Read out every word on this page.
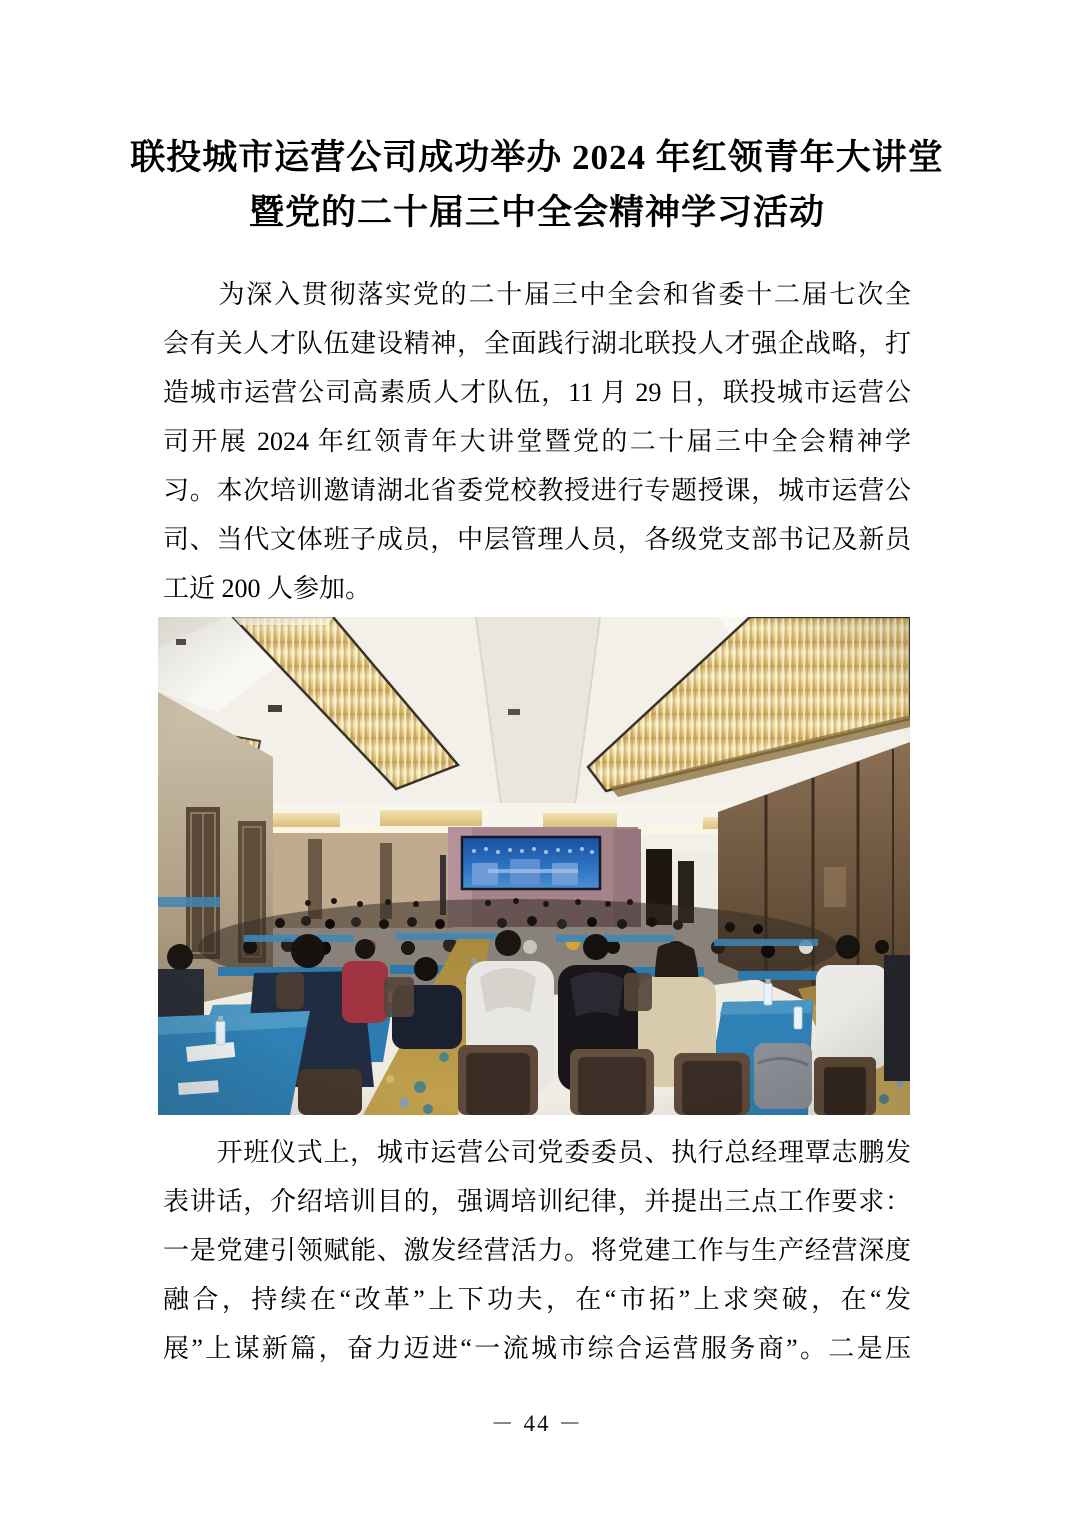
联投城市运营公司成功举办 2024 年红领青年大讲堂
暨党的二十届三中全会精神学习活动
　　为深入贯彻落实党的二十届三中全会和省委十二届七次全
会有关人才队伍建设精神，全面践行湖北联投人才强企战略，打
造城市运营公司高素质人才队伍，11 月 29 日，联投城市运营公
司开展 2024 年红领青年大讲堂暨党的二十届三中全会精神学
习。本次培训邀请湖北省委党校教授进行专题授课，城市运营公
司、当代文体班子成员，中层管理人员，各级党支部书记及新员
工近 200 人参加。
　　开班仪式上，城市运营公司党委委员、执行总经理覃志鹏发
表讲话，介绍培训目的，强调培训纪律，并提出三点工作要求：
一是党建引领赋能、激发经营活力。将党建工作与生产经营深度
融合，持续在“改革”上下功夫，在“市拓”上求突破，在“发
展”上谋新篇，奋力迈进“一流城市综合运营服务商”。二是压
－ 44 －
